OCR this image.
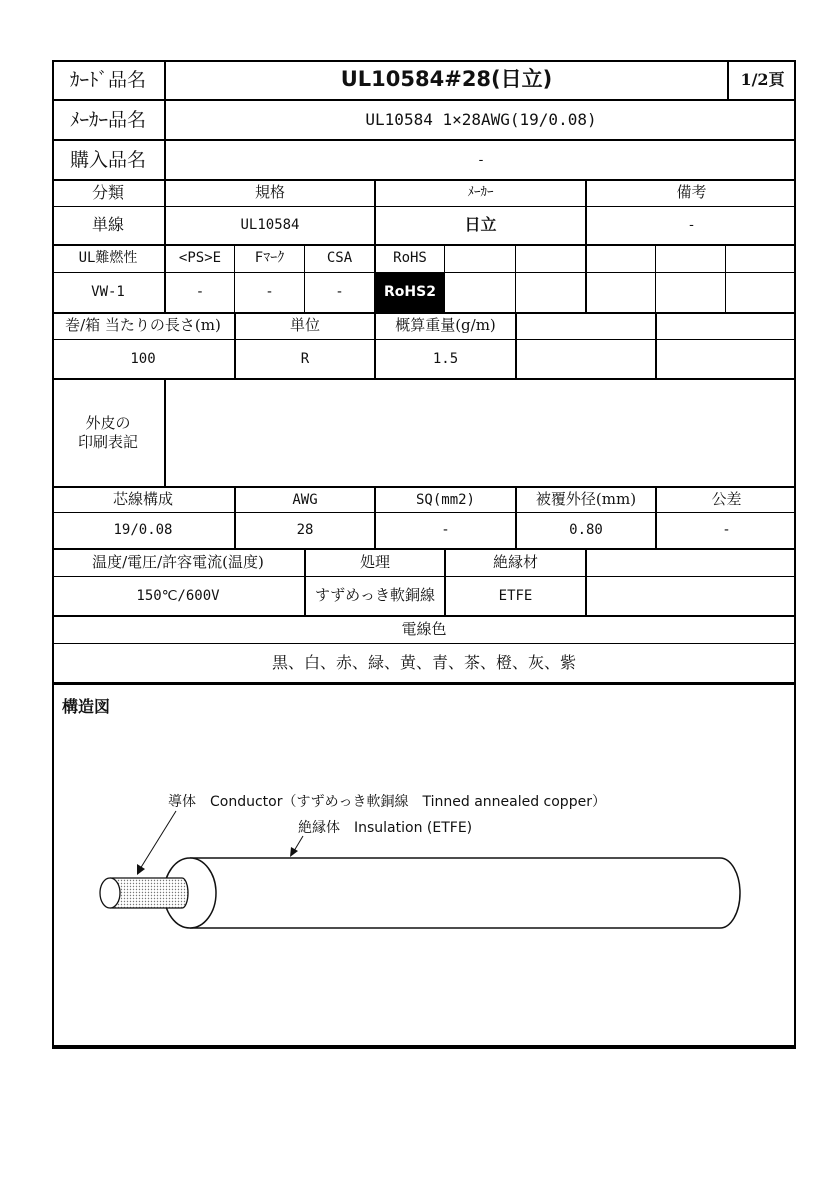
ｶｰﾄﾞ品名	UL10584#28(日立)	1/2頁
ﾒｰｶｰ品名	UL10584 1×28AWG(19/0.08)
購入品名	-
分類	規格	ﾒｰｶｰ	備考
単線	UL10584	日立	-
UL難燃性	<PS>E	Fﾏｰｸ	CSA	RoHS
VW-1	-	-	-	RoHS2
巻/箱 当たりの長さ(m)	単位	概算重量(g/m)
100	R	1.5
外皮の
印刷表記
芯線構成	AWG	SQ(mm2)	被覆外径(mm)	公差
19/0.08	28	-	0.80	-
温度/電圧/許容電流(温度)	処理	絶縁材
150℃/600V	すずめっき軟銅線	ETFE
電線色
黒、白、赤、緑、黄、青、茶、橙、灰、紫
構造図
導体　Conductor（すずめっき軟銅線　Tinned annealed copper）
絶縁体　Insulation (ETFE)
